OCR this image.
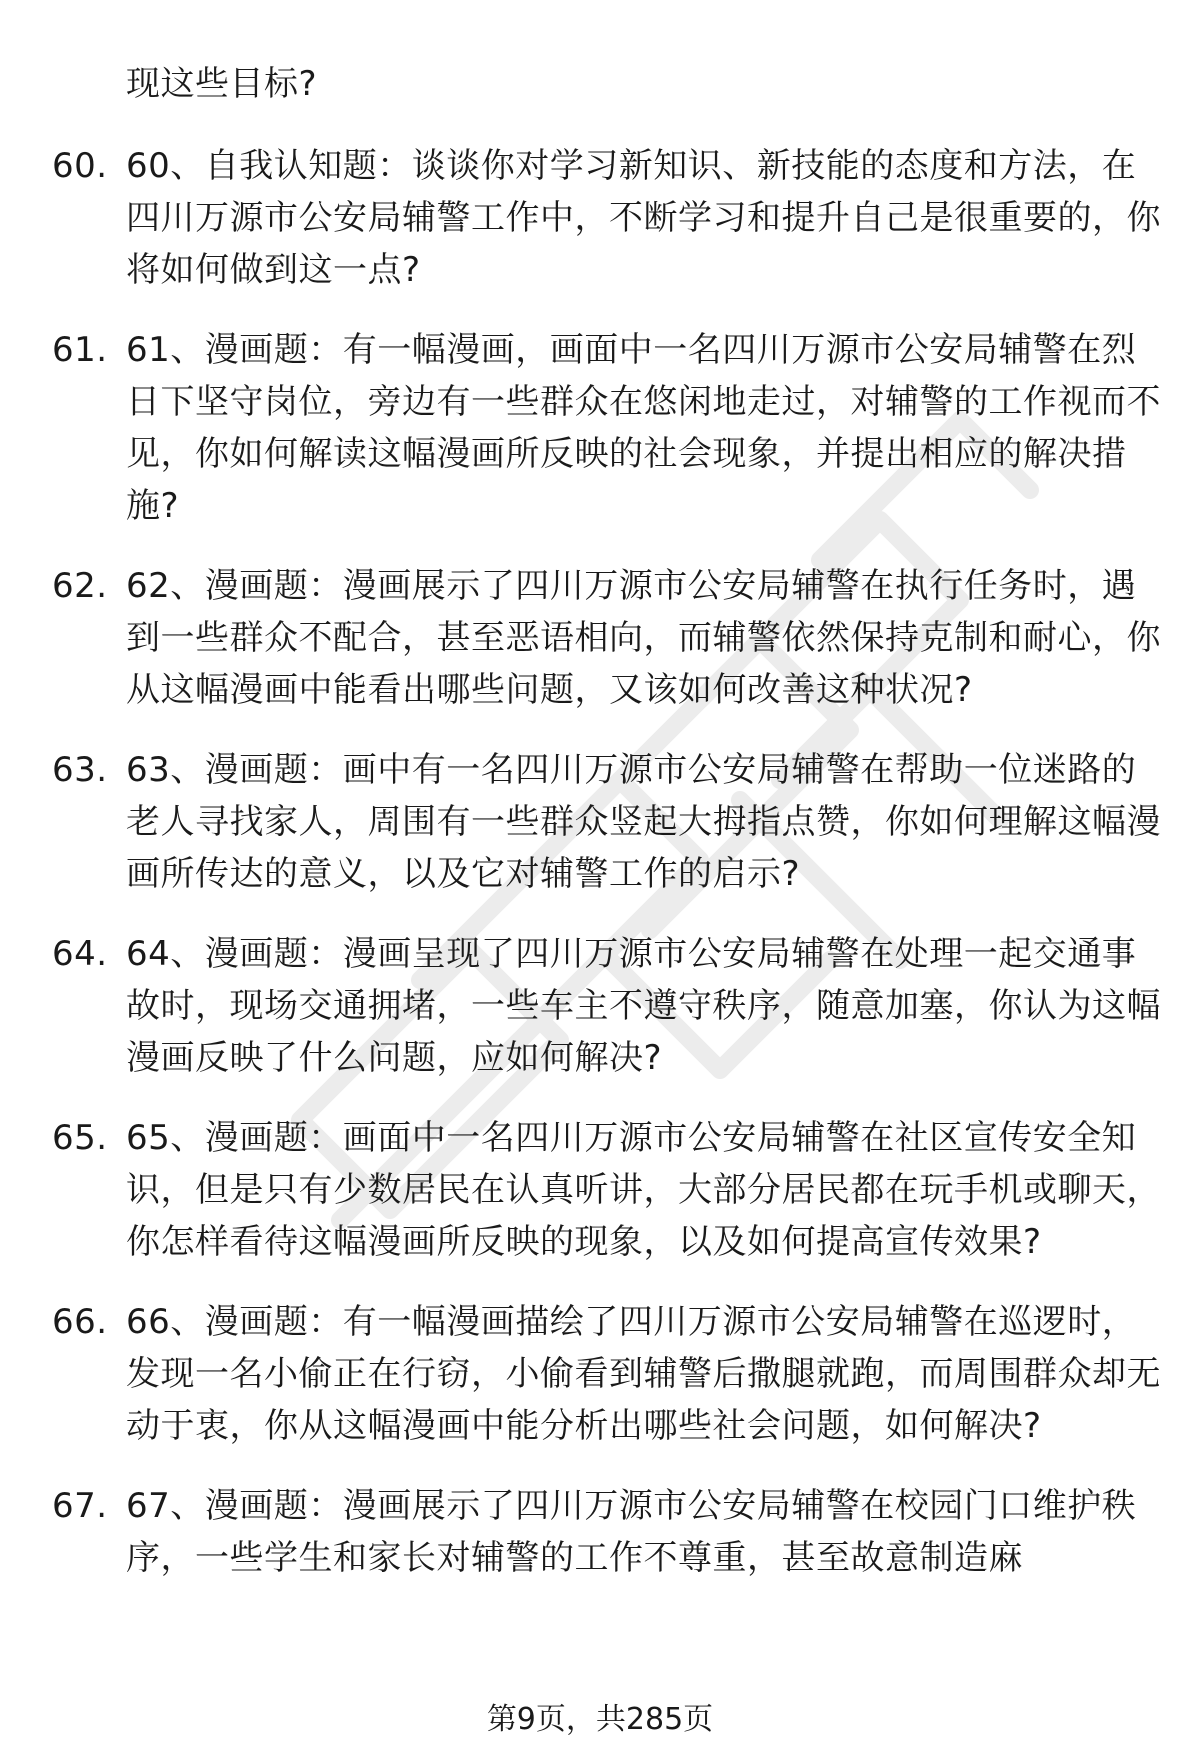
现这些目标?
60. 60、自我认知题：谈谈你对学习新知识、新技能的态度和方法，在四川万源市公安局辅警工作中，不断学习和提升自己是很重要的，你将如何做到这一点?
61. 61、漫画题：有一幅漫画，画面中一名四川万源市公安局辅警在烈日下坚守岗位，旁边有一些群众在悠闲地走过，对辅警的工作视而不见，你如何解读这幅漫画所反映的社会现象，并提出相应的解决措施?
62. 62、漫画题：漫画展示了四川万源市公安局辅警在执行任务时，遇到一些群众不配合，甚至恶语相向，而辅警依然保持克制和耐心，你从这幅漫画中能看出哪些问题，又该如何改善这种状况?
63. 63、漫画题：画中有一名四川万源市公安局辅警在帮助一位迷路的老人寻找家人，周围有一些群众竖起大拇指点赞，你如何理解这幅漫画所传达的意义，以及它对辅警工作的启示?
64. 64、漫画题：漫画呈现了四川万源市公安局辅警在处理一起交通事故时，现场交通拥堵，一些车主不遵守秩序，随意加塞，你认为这幅漫画反映了什么问题，应如何解决?
65. 65、漫画题：画面中一名四川万源市公安局辅警在社区宣传安全知识，但是只有少数居民在认真听讲，大部分居民都在玩手机或聊天，你怎样看待这幅漫画所反映的现象，以及如何提高宣传效果?
66. 66、漫画题：有一幅漫画描绘了四川万源市公安局辅警在巡逻时，发现一名小偷正在行窃，小偷看到辅警后撒腿就跑，而周围群众却无动于衷，你从这幅漫画中能分析出哪些社会问题，如何解决?
67. 67、漫画题：漫画展示了四川万源市公安局辅警在校园门口维护秩序，一些学生和家长对辅警的工作不尊重，甚至故意制造麻
第9页，共285页
